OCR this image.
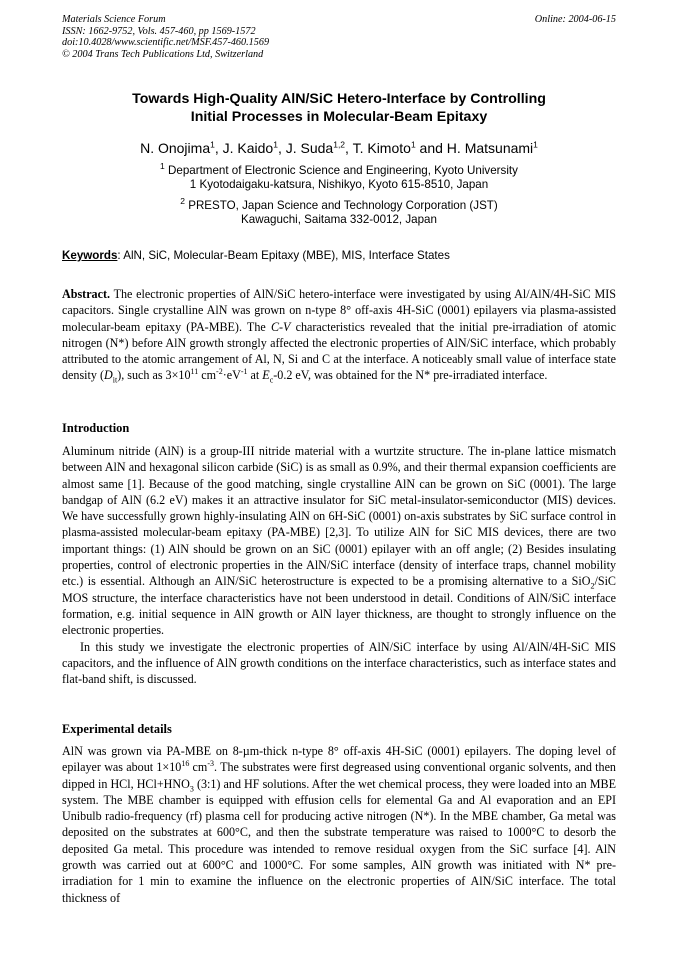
Materials Science Forum
ISSN: 1662-9752, Vols. 457-460, pp 1569-1572
doi:10.4028/www.scientific.net/MSF.457-460.1569
© 2004 Trans Tech Publications Ltd, Switzerland
Online: 2004-06-15
Towards High-Quality AlN/SiC Hetero-Interface by Controlling
Initial Processes in Molecular-Beam Epitaxy
N. Onojima$^1$, J. Kaido$^1$, J. Suda$^{1,2}$, T. Kimoto$^1$ and H. Matsunami$^1$
$^1$ Department of Electronic Science and Engineering, Kyoto University
1 Kyotodaigaku-katsura, Nishikyo, Kyoto 615-8510, Japan
$^2$ PRESTO, Japan Science and Technology Corporation (JST)
Kawaguchi, Saitama 332-0012, Japan
Keywords: AlN, SiC, Molecular-Beam Epitaxy (MBE), MIS, Interface States

Abstract. The electronic properties of AlN/SiC hetero-interface were investigated by using Al/AlN/4H-SiC MIS capacitors. Single crystalline AlN was grown on n-type 8° off-axis 4H-SiC (0001) epilayers via plasma-assisted molecular-beam epitaxy (PA-MBE). The C-V characteristics revealed that the initial pre-irradiation of atomic nitrogen (N*) before AlN growth strongly affected the electronic properties of AlN/SiC interface, which probably attributed to the atomic arrangement of Al, N, Si and C at the interface. A noticeably small value of interface state density $(D_{it})$, such as $3\times 10^{11}$ $cm^{-2}\cdot eV^{-1}$ at $E_c-0.2$ eV, was obtained for the N* pre-irradiated interface.

Introduction

Aluminum nitride (AlN) is a group-III nitride material with a wurtzite structure. The in-plane lattice mismatch between AlN and hexagonal silicon carbide (SiC) is as small as 0.9%, and their thermal expansion coefficients are almost same [1]. Because of the good matching, single crystalline AlN can be grown on SiC (0001). The large bandgap of AlN (6.2 eV) makes it an attractive insulator for SiC metal-insulator-semiconductor (MIS) devices. We have successfully grown highly-insulating AlN on 6H-SiC (0001) on-axis substrates by SiC surface control in plasma-assisted molecular-beam epitaxy (PA-MBE) [2,3]. To utilize AlN for SiC MIS devices, there are two important things: (1) AlN should be grown on an SiC (0001) epilayer with an off angle; (2) Besides insulating properties, control of electronic properties in the AlN/SiC interface (density of interface traps, channel mobility etc.) is essential. Although an AlN/SiC heterostructure is expected to be a promising alternative to a SiO$_2$/SiC MOS structure, the interface characteristics have not been understood in detail. Conditions of AlN/SiC interface formation, e.g. initial sequence in AlN growth or AlN layer thickness, are thought to strongly influence on the electronic properties.

In this study we investigate the electronic properties of AlN/SiC interface by using Al/AlN/4H-SiC MIS capacitors, and the influence of AlN growth conditions on the interface characteristics, such as interface states and flat-band shift, is discussed.

Experimental details

AlN was grown via PA-MBE on 8-µm-thick n-type 8° off-axis 4H-SiC (0001) epilayers. The doping level of epilayer was about $1\times 10^{16}$ $cm^{-3}$. The substrates were first degreased using conventional organic solvents, and then dipped in HCl, $HCl+HNO_3$ (3:1) and HF solutions. After the wet chemical process, they were loaded into an MBE system. The MBE chamber is equipped with effusion cells for elemental Ga and Al evaporation and an EPI Unibulb radio-frequency (rf) plasma cell for producing active nitrogen (N*). In the MBE chamber, Ga metal was deposited on the substrates at 600°C, and then the substrate temperature was raised to 1000°C to desorb the deposited Ga metal. This procedure was intended to remove residual oxygen from the SiC surface [4]. AlN growth was carried out at 600°C and 1000°C. For some samples, AlN growth was initiated with N* pre-irradiation for 1 min to examine the influence on the electronic properties of AlN/SiC interface. The total thickness of
